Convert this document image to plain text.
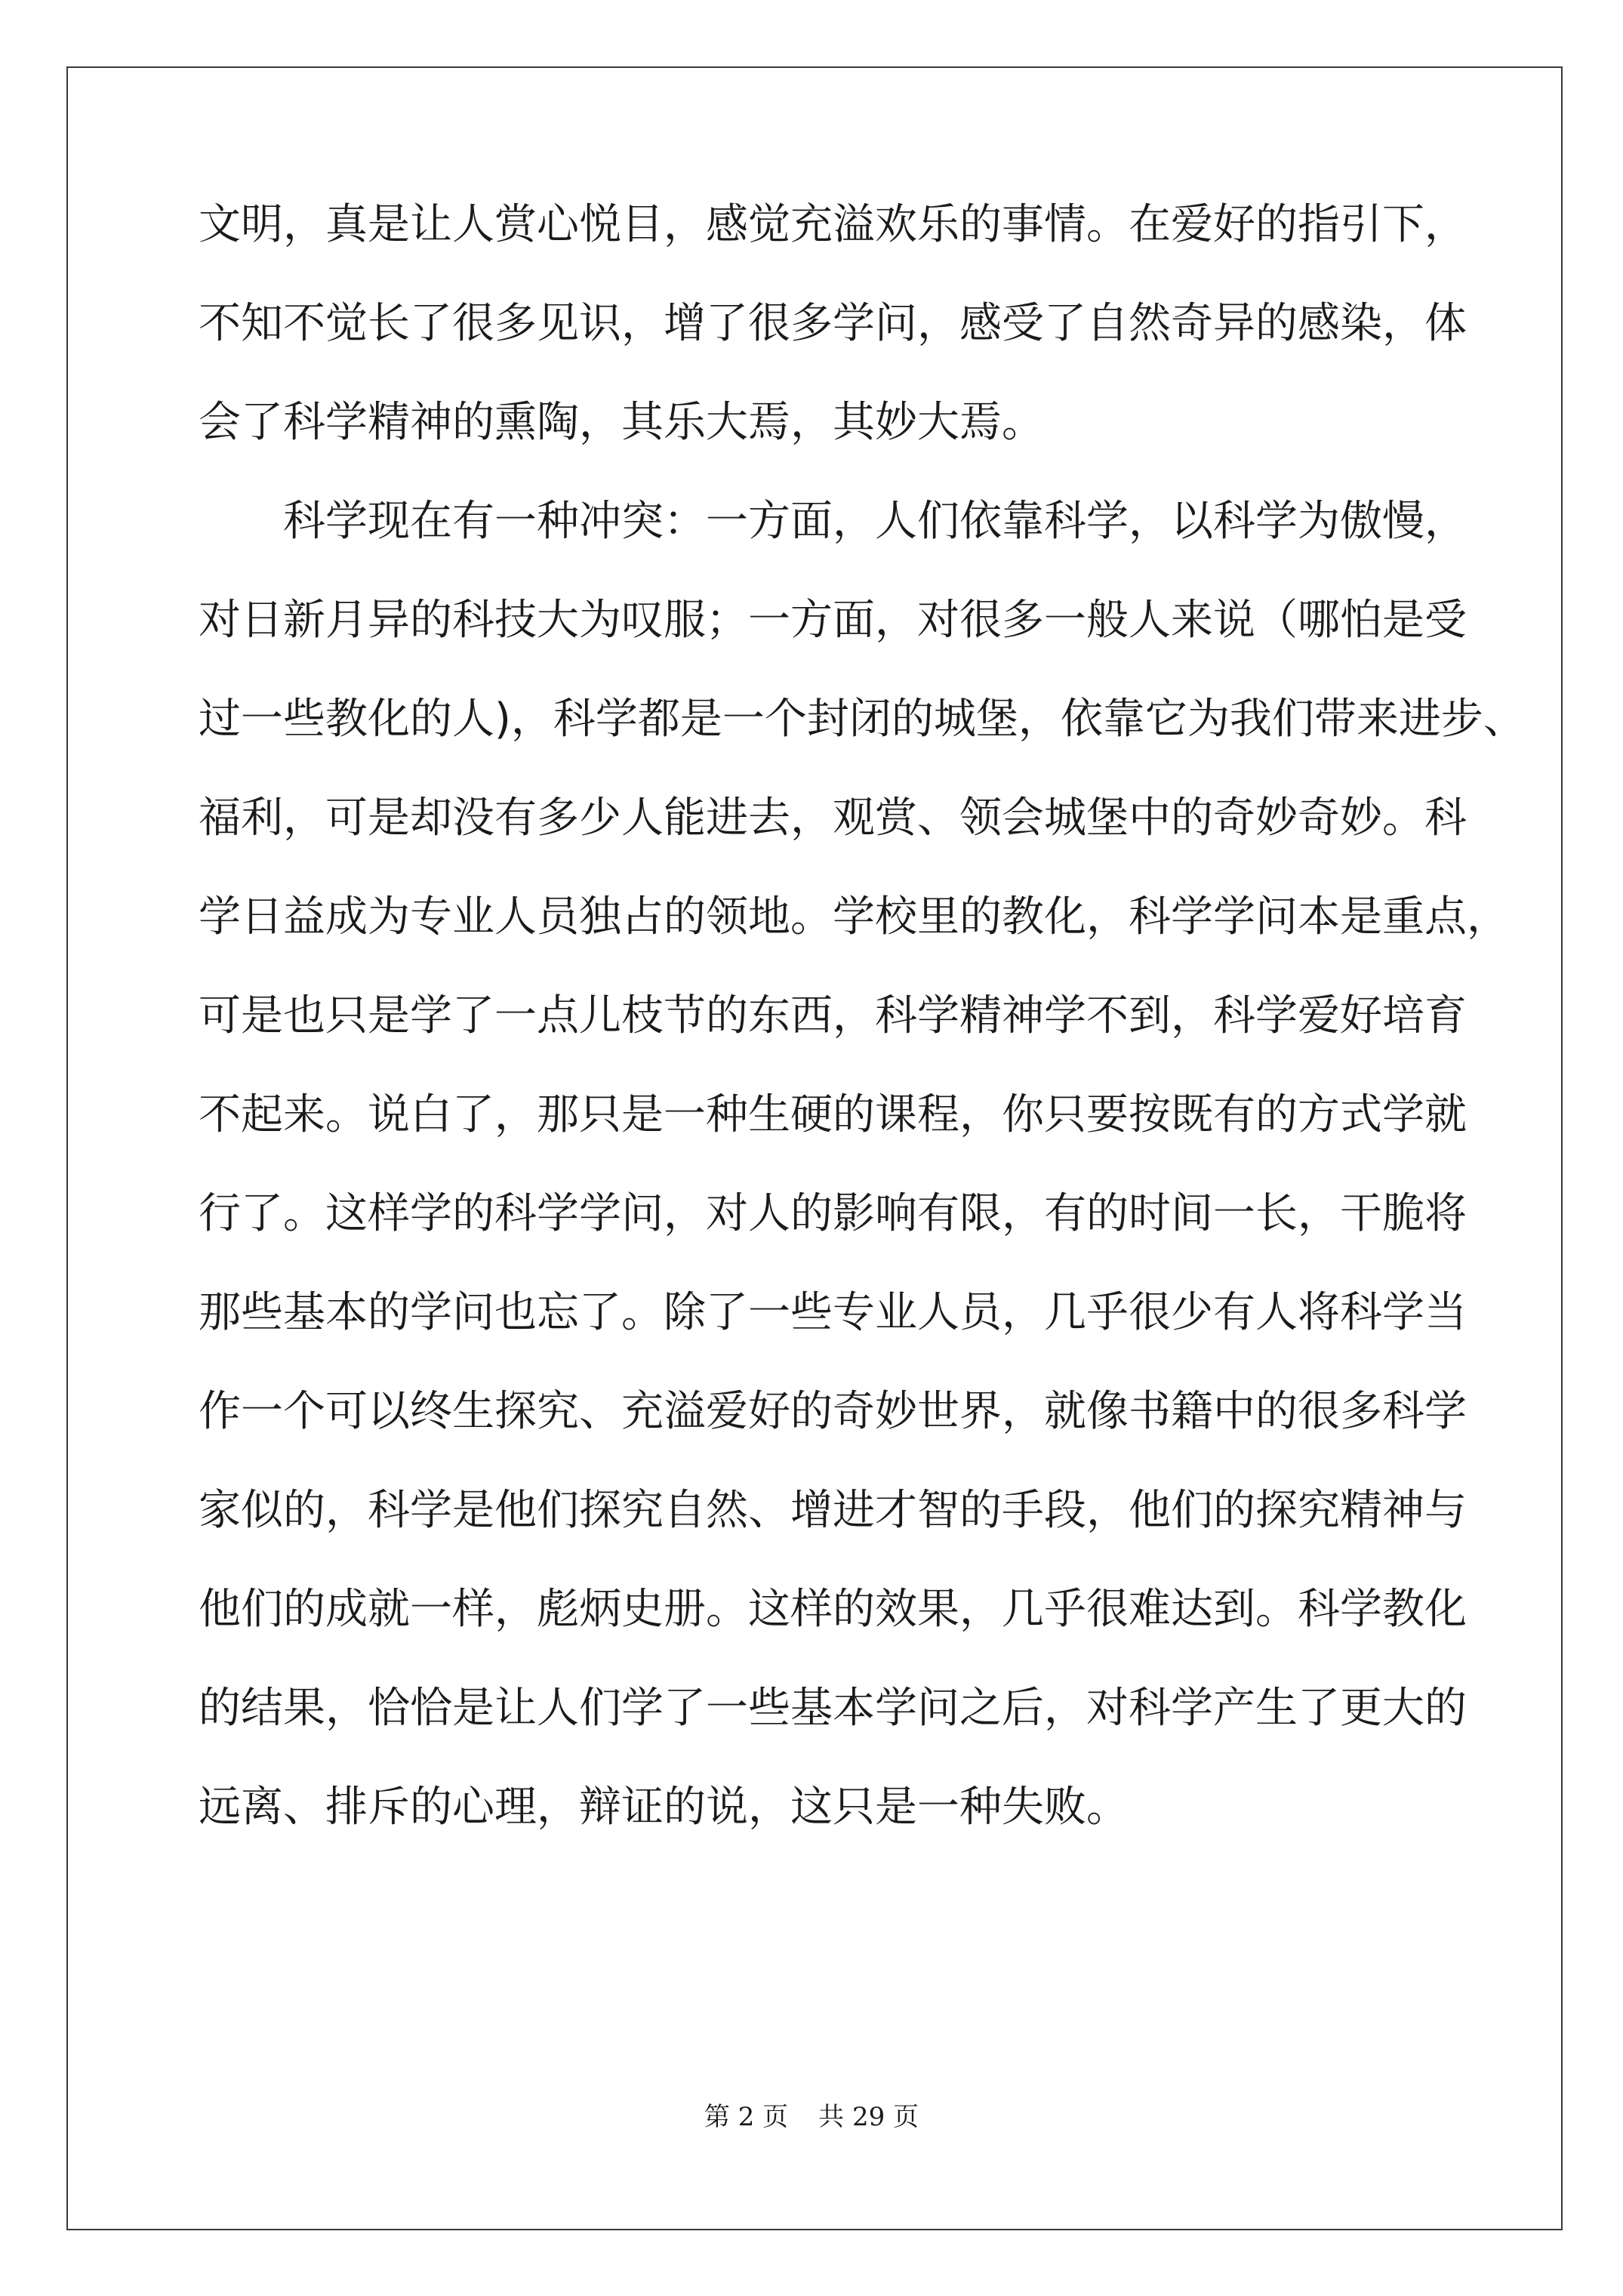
文明，真是让人赏心悦目，感觉充溢欢乐的事情。在爱好的指引下，
不知不觉长了很多见识，增了很多学问，感受了自然奇异的感染，体
会了科学精神的熏陶，其乐大焉，其妙大焉。
　　科学现在有一种冲突：一方面，人们依靠科学，以科学为傲慢，
对日新月异的科技大为叹服；一方面，对很多一般人来说（哪怕是受
过一些教化的人)，科学都是一个封闭的城堡，依靠它为我们带来进步、
福利，可是却没有多少人能进去，观赏、领会城堡中的奇妙奇妙。科
学日益成为专业人员独占的领地。学校里的教化，科学学问本是重点，
可是也只是学了一点儿枝节的东西，科学精神学不到，科学爱好培育
不起来。说白了，那只是一种生硬的课程，你只要按既有的方式学就
行了。这样学的科学学问，对人的影响有限，有的时间一长，干脆将
那些基本的学问也忘了。除了一些专业人员，几乎很少有人将科学当
作一个可以终生探究、充溢爱好的奇妙世界，就像书籍中的很多科学
家似的，科学是他们探究自然、增进才智的手段，他们的探究精神与
他们的成就一样，彪炳史册。这样的效果，几乎很难达到。科学教化
的结果，恰恰是让人们学了一些基本学问之后，对科学产生了更大的
远离、排斥的心理，辩证的说，这只是一种失败。
第 2 页 共 29 页
